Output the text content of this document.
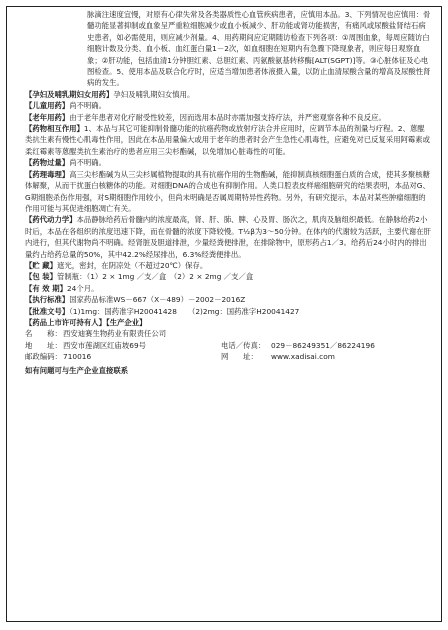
脉滴注速度宜慢，对原有心律失常及各类器质性心血管疾病患者，应慎用本品。3、下列情况也应慎用：骨髓功能显著抑制或血象呈严重粒细胞减少或血小板减少、肝功能或肾功能损害，有痛风或尿酸盐肾结石病史患者，如必需使用，则应减少剂量。4、用药期间应定期随访检查下列各项：①周围血象，每周应随访白细胞计数及分类、血小板、血红蛋白量1－2次，如血细胞在短期内有急骤下降现象者，则应每日观察血象；②肝功能，包括血清1分钟胆红素、总胆红素、丙氨酸氨基转移酶[ALT(SGPT)]等。③心脏体征及心电图检查。5、使用本品及联合化疗时，应适当增加患者体液摄入量，以防止血清尿酸含量的增高及尿酸性肾病的发生。

【孕妇及哺乳期妇女用药】孕妇及哺乳期妇女慎用。

【儿童用药】尚不明确。

【老年用药】由于老年患者对化疗耐受性较差，因而选用本品时亦需加强支持疗法，并严密观察各种不良反应。

【药物相互作用】1、本品与其它可能抑制骨髓功能的抗癌药物或放射疗法合并应用时，应调节本品的剂量与疗程。2、蒽醌类抗生素有慢性心肌毒性作用，因此在本品用量偏大或用于老年的患者时会产生急性心肌毒性，应避免对已反复采用阿霉素或柔红霉素等蒽醌类抗生素治疗的患者应用三尖杉酯碱，以免增加心脏毒性的可能。

【药物过量】尚不明确。

【药理毒理】高三尖杉酯碱为从三尖杉属植物提取的具有抗癌作用的生物酯碱，能抑制真核细胞蛋白质的合成，使其多聚核糖体解聚，从而干扰蛋白核糖体的功能。对细胞DNA的合成也有抑制作用。人类口腔表皮样癌细胞研究的结果表明，本品对G、G期细胞杀伤作用强，对S期细胞作用较小，但尚未明确是否属周期特异性药物。另外，有研究提示，本品对某些肿瘤细胞的作用可能与其促进细胞凋亡有关。

【药代动力学】本品静脉给药后骨髓内的浓度最高，肾、肝、肺、脾、心及胃、肠次之，肌肉及脑组织最低。在静脉给药2小时后，本品在各组织的浓度迅速下降，而在骨髓的浓度下降较慢。T½β为3～50分钟。在体内的代谢较为活跃，主要代谢在肝内进行，但其代谢物尚不明确。经肾脏及胆道排泄，少量经粪便排泄，在排除物中，原形药占1／3。给药后24小时内的排出量约占给药总量的50%，其中42.2%经尿排出，6.3%经粪便排出。

【贮 藏】遮光，密封，在阴凉处（不超过20℃）保存。

【包 装】管制瓶：（1）2 × 1mg ／支／盒　（2）2 × 2mg ／支／盒

【有 效 期】24个月。

【执行标准】国家药品标准WS－667（X－489）－2002－2016Z

【批准文号】（1)1mg：国药准字H20041428　　（2)2mg：国药准字H20041427

【药品上市许可持有人】【生产企业】

名　　称： 西安迪赛生物药业有限责任公司
地　　址： 西安市莲湖区红庙坡69号	电话／传真： 029－86249351／86224196
邮政编码： 710016	网　　址：	www.xadisai.com

如有问题可与生产企业直接联系
